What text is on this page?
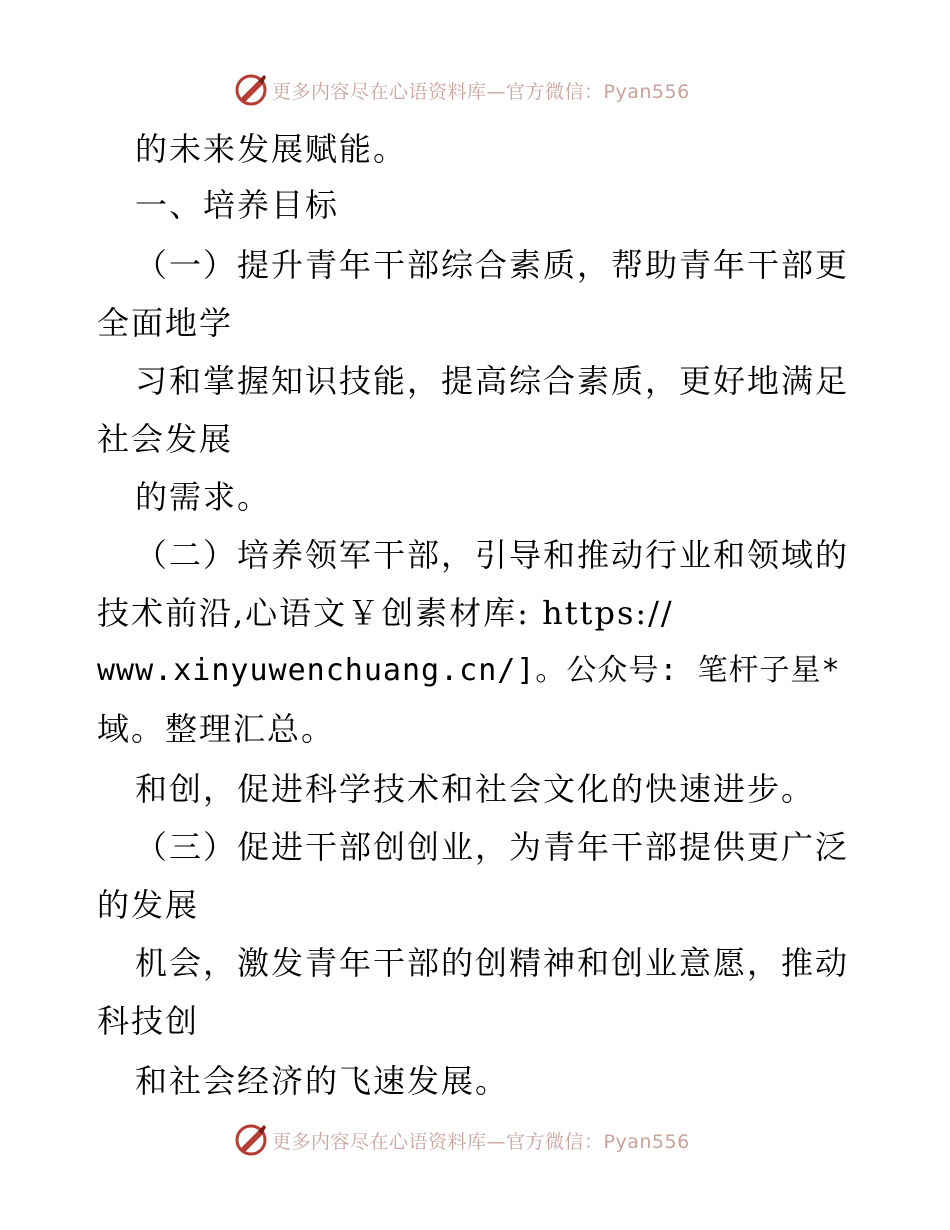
更多内容尽在心语资料库—官方微信：Pyan556
的未来发展赋能。
一、培养目标
（一）提升青年干部综合素质，帮助青年干部更
全面地学
习和掌握知识技能，提高综合素质，更好地满足
社会发展
的需求。
（二）培养领军干部，引导和推动行业和领域的
技术前沿,心语文￥创素材库: https://
www.xinyuwenchuang.cn/]。公众号: 笔杆子星*
域。整理汇总。
和创，促进科学技术和社会文化的快速进步。
（三）促进干部创创业，为青年干部提供更广泛
的发展
机会，激发青年干部的创精神和创业意愿，推动
科技创
和社会经济的飞速发展。
更多内容尽在心语资料库—官方微信：Pyan556
